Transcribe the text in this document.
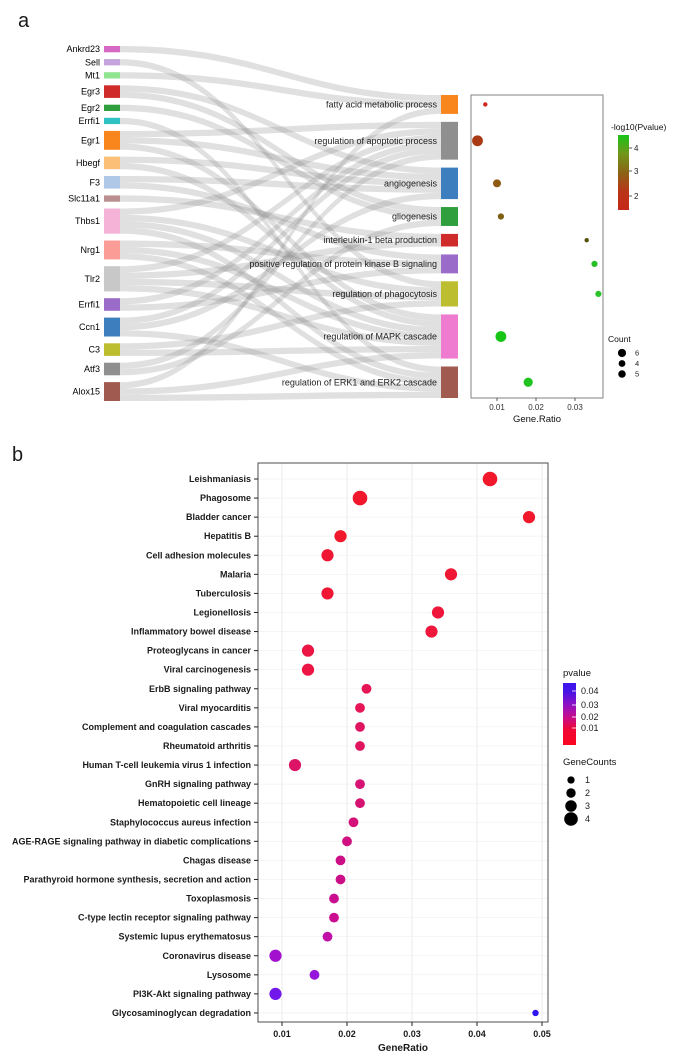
a
b
Ankrd23
Sell
Mt1
Egr3
Egr2
Errfi1
Egr1
Hbegf
F3
Slc11a1
Thbs1
Nrg1
Tlr2
Errfi1
Ccn1
C3
Atf3
Alox15
fatty acid metabolic process
regulation of apoptotic process
angiogenesis
gliogenesis
interleukin-1 beta production
positive regulation of protein kinase B signaling
regulation of phagocytosis
regulation of MAPK cascade
regulation of ERK1 and ERK2 cascade
0.01	0.02	0.03
Gene.Ratio
-log10(Pvalue)
4
3
2
Count
6
4
5
0.01	0.02	0.03	0.04	0.05
GeneRatio
Leishmaniasis
Phagosome
Bladder cancer
Hepatitis B
Cell adhesion molecules
Malaria
Tuberculosis
Legionellosis
Inflammatory bowel disease
Proteoglycans in cancer
Viral carcinogenesis
ErbB signaling pathway
Viral myocarditis
Complement and coagulation cascades
Rheumatoid arthritis
Human T-cell leukemia virus 1 infection
GnRH signaling pathway
Hematopoietic cell lineage
Staphylococcus aureus infection
AGE-RAGE signaling pathway in diabetic complications
Chagas disease
Parathyroid hormone synthesis, secretion and action
Toxoplasmosis
C-type lectin receptor signaling pathway
Systemic lupus erythematosus
Coronavirus disease
Lysosome
PI3K-Akt signaling pathway
Glycosaminoglycan degradation
pvalue
0.04
0.03
0.02
0.01
GeneCounts
1
2
3
4
